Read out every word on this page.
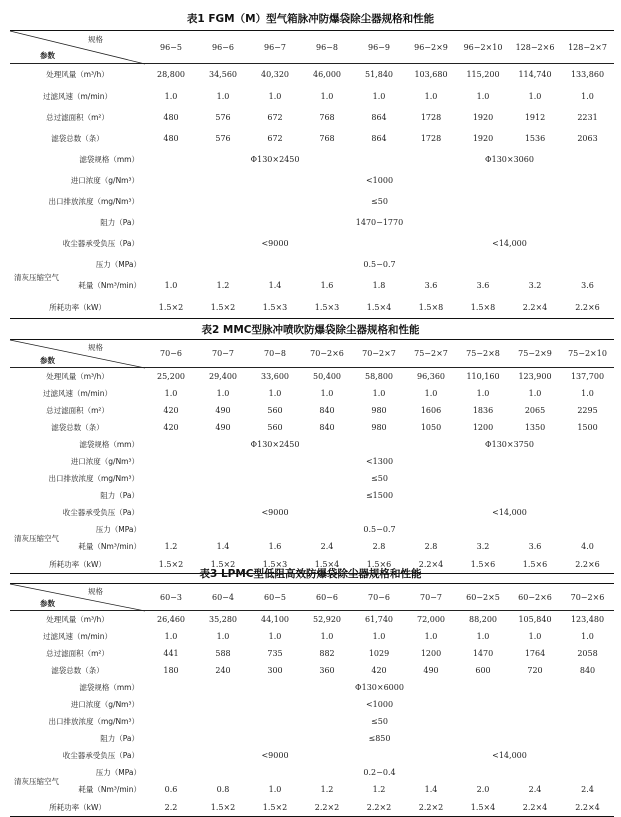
表1 FGM（M）型气箱脉冲防爆袋除尘器规格和性能
规格
参数	96−5	96−6	96−7	96−8	96−9	96−2×9	96−2×10	128−2×6	128−2×7
处理风量（m³/h）	28,800	34,560	40,320	46,000	51,840	103,680	115,200	114,740	133,860
过滤风速（m/min）	1.0	1.0	1.0	1.0	1.0	1.0	1.0	1.0	1.0
总过滤面积（m²）	480	576	672	768	864	1728	1920	1912	2231
滤袋总数（条）	480	576	672	768	864	1728	1920	1536	2063
滤袋规格（mm）	Φ130×2450					Φ130×3060			
进口浓度（g/Nm³）	<1000								
出口排放浓度（mg/Nm³）	≤50								
阻力（Pa）	1470−1770								
收尘器承受负压（Pa）	<9000					<14,000			

清灰压缩空气
压力（MPa）	0.5−0.7								
耗量（Nm³/min）	1.0	1.2	1.4	1.6	1.8	3.6	3.6	3.2	3.6
所耗功率（kW）	1.5×2	1.5×2	1.5×3	1.5×3	1.5×4	1.5×8	1.5×8	2.2×4	2.2×6
表2 MMC型脉冲喷吹防爆袋除尘器规格和性能
规格
参数	70−6	70−7	70−8	70−2×6	70−2×7	75−2×7	75−2×8	75−2×9	75−2×10
处理风量（m³/h）	25,200	29,400	33,600	50,400	58,800	96,360	110,160	123,900	137,700
过滤风速（m/min）	1.0	1.0	1.0	1.0	1.0	1.0	1.0	1.0	1.0
总过滤面积（m²）	420	490	560	840	980	1606	1836	2065	2295
滤袋总数（条）	420	490	560	840	980	1050	1200	1350	1500
滤袋规格（mm）	Φ130×2450					Φ130×3750			
进口浓度（g/Nm³）	<1300								
出口排放浓度（mg/Nm³）	≤50								
阻力（Pa）	≤1500								
收尘器承受负压（Pa）	<9000					<14,000			

清灰压缩空气
压力（MPa）	0.5−0.7								
耗量（Nm³/min）	1.2	1.4	1.6	2.4	2.8	2.8	3.2	3.6	4.0
所耗功率（kW）	1.5×2	1.5×2	1.5×3	1.5×4	1.5×6	2.2×4	1.5×6	1.5×6	2.2×6
表3 LPMC型低阻高效防爆袋除尘器规格和性能
规格
参数	60−3	60−4	60−5	60−6	70−6	70−7	60−2×5	60−2×6	70−2×6
处理风量（m³/h）	26,460	35,280	44,100	52,920	61,740	72,000	88,200	105,840	123,480
过滤风速（m/min）	1.0	1.0	1.0	1.0	1.0	1.0	1.0	1.0	1.0
总过滤面积（m²）	441	588	735	882	1029	1200	1470	1764	2058
滤袋总数（条）	180	240	300	360	420	490	600	720	840
滤袋规格（mm）	Φ130×6000								
进口浓度（g/Nm³）	<1000								
出口排放浓度（mg/Nm³）	≤50								
阻力（Pa）	≤850								
收尘器承受负压（Pa）	<9000					<14,000			

清灰压缩空气
压力（MPa）	0.2−0.4								
耗量（Nm³/min）	0.6	0.8	1.0	1.2	1.2	1.4	2.0	2.4	2.4
所耗功率（kW）	2.2	1.5×2	1.5×2	2.2×2	2.2×2	2.2×2	1.5×4	2.2×4	2.2×4
